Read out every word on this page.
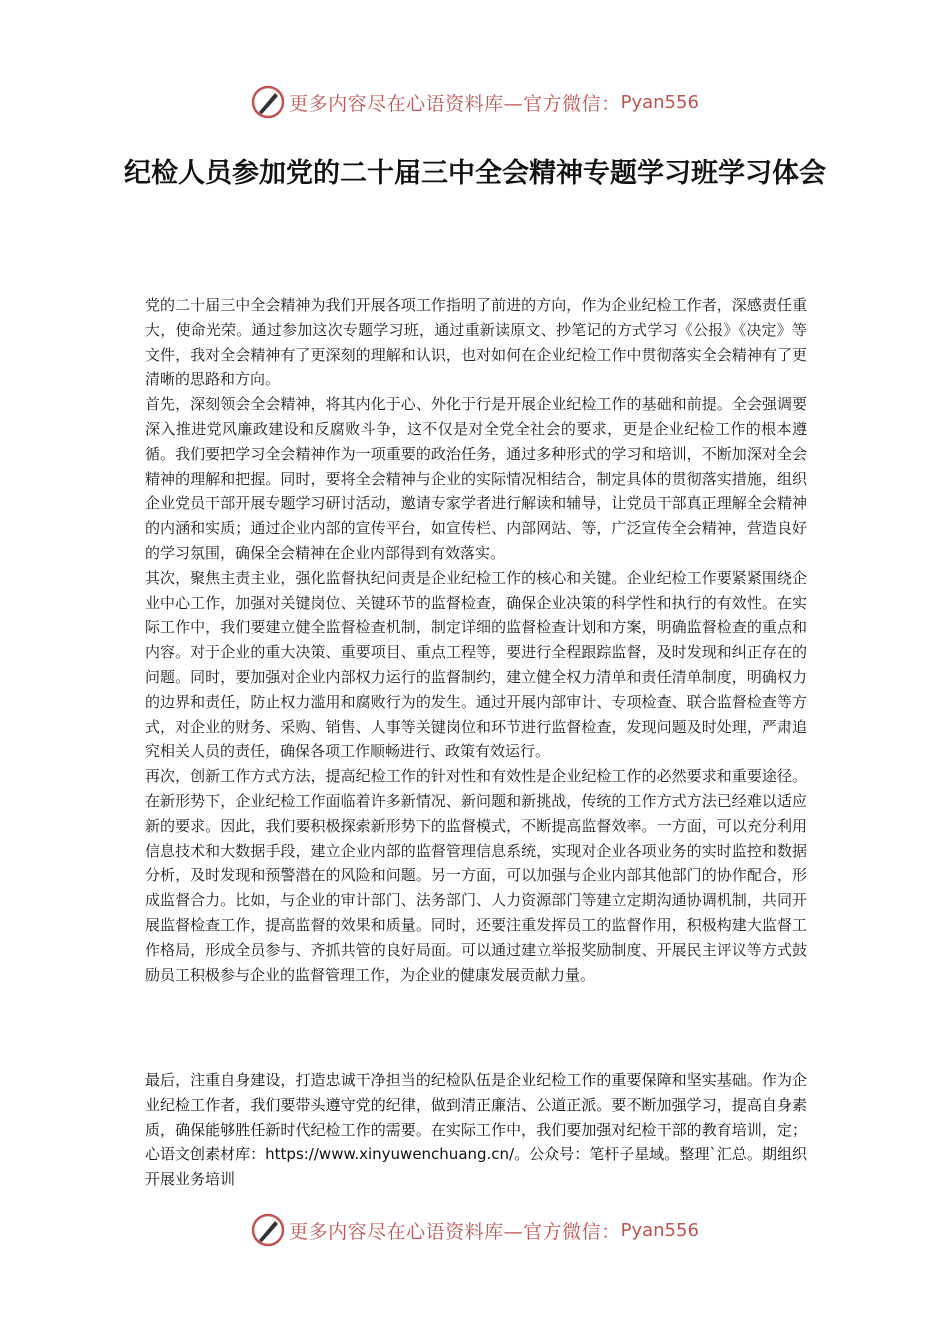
更多内容尽在心语资料库—官方微信： Pyan556
纪检人员参加党的二十届三中全会精神专题学习班学习体会

党的二十届三中全会精神为我们开展各项工作指明了前进的方向，作为企业纪检工作者，深感责任重大，使命光荣。通过参加这次专题学习班，通过重新读原文、抄笔记的方式学习《公报》《决定》等文件，我对全会精神有了更深刻的理解和认识，也对如何在企业纪检工作中贯彻落实全会精神有了更清晰的思路和方向。

首先，深刻领会全会精神，将其内化于心、外化于行是开展企业纪检工作的基础和前提。全会强调要深入推进党风廉政建设和反腐败斗争，这不仅是对全党全社会的要求，更是企业纪检工作的根本遵循。我们要把学习全会精神作为一项重要的政治任务，通过多种形式的学习和培训，不断加深对全会精神的理解和把握。同时，要将全会精神与企业的实际情况相结合，制定具体的贯彻落实措施，组织企业党员干部开展专题学习研讨活动，邀请专家学者进行解读和辅导，让党员干部真正理解全会精神的内涵和实质；通过企业内部的宣传平台，如宣传栏、内部网站、等，广泛宣传全会精神，营造良好的学习氛围，确保全会精神在企业内部得到有效落实。

其次，聚焦主责主业，强化监督执纪问责是企业纪检工作的核心和关键。企业纪检工作要紧紧围绕企业中心工作，加强对关键岗位、关键环节的监督检查，确保企业决策的科学性和执行的有效性。在实际工作中，我们要建立健全监督检查机制，制定详细的监督检查计划和方案，明确监督检查的重点和内容。对于企业的重大决策、重要项目、重点工程等，要进行全程跟踪监督，及时发现和纠正存在的问题。同时，要加强对企业内部权力运行的监督制约，建立健全权力清单和责任清单制度，明确权力的边界和责任，防止权力滥用和腐败行为的发生。通过开展内部审计、专项检查、联合监督检查等方式，对企业的财务、采购、销售、人事等关键岗位和环节进行监督检查，发现问题及时处理，严肃追究相关人员的责任，确保各项工作顺畅进行、政策有效运行。

再次，创新工作方式方法，提高纪检工作的针对性和有效性是企业纪检工作的必然要求和重要途径。在新形势下，企业纪检工作面临着许多新情况、新问题和新挑战，传统的工作方式方法已经难以适应新的要求。因此，我们要积极探索新形势下的监督模式，不断提高监督效率。一方面，可以充分利用信息技术和大数据手段，建立企业内部的监督管理信息系统，实现对企业各项业务的实时监控和数据分析，及时发现和预警潜在的风险和问题。另一方面，可以加强与企业内部其他部门的协作配合，形成监督合力。比如，与企业的审计部门、法务部门、人力资源部门等建立定期沟通协调机制，共同开展监督检查工作，提高监督的效果和质量。同时，还要注重发挥员工的监督作用，积极构建大监督工作格局，形成全员参与、齐抓共管的良好局面。可以通过建立举报奖励制度、开展民主评议等方式鼓励员工积极参与企业的监督管理工作，为企业的健康发展贡献力量。

最后，注重自身建设，打造忠诚干净担当的纪检队伍是企业纪检工作的重要保障和坚实基础。作为企业纪检工作者，我们要带头遵守党的纪律，做到清正廉洁、公道正派。要不断加强学习，提高自身素质，确保能够胜任新时代纪检工作的需要。在实际工作中，我们要加强对纪检干部的教育培训，定；心语文创素材库：https://www.xinyuwenchuang.cn/。公众号：笔杆子星域。整理`汇总。期组织开展业务培训

更多内容尽在心语资料库—官方微信： Pyan556
